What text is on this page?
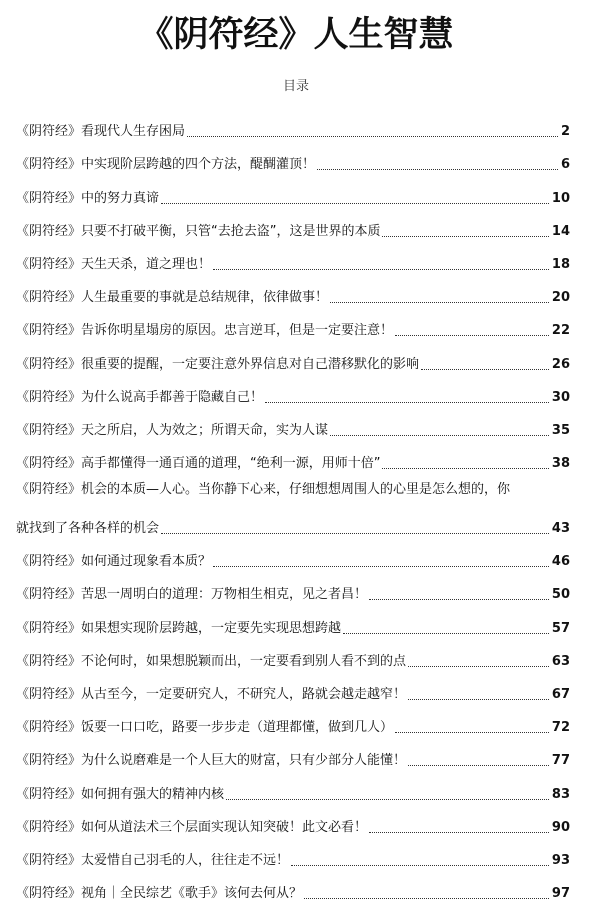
《阴符经》人生智慧
目录
《阴符经》看现代人生存困局	2
《阴符经》中实现阶层跨越的四个方法，醍醐灌顶！	6
《阴符经》中的努力真谛	10
《阴符经》只要不打破平衡，只管“去抢去盗”，这是世界的本质	14
《阴符经》天生天杀，道之理也！	18
《阴符经》人生最重要的事就是总结规律，依律做事！	20
《阴符经》告诉你明星塌房的原因。忠言逆耳，但是一定要注意！	22
《阴符经》很重要的提醒，一定要注意外界信息对自己潜移默化的影响	26
《阴符经》为什么说高手都善于隐藏自己！	30
《阴符经》天之所启，人为效之；所谓天命，实为人谋	35
《阴符经》高手都懂得一通百通的道理，“绝利一源，用师十倍”	38
《阴符经》机会的本质—人心。当你静下心来，仔细想想周围人的心里是怎么想的，你
就找到了各种各样的机会	43
《阴符经》如何通过现象看本质？	46
《阴符经》苦思一周明白的道理：万物相生相克，见之者昌！	50
《阴符经》如果想实现阶层跨越，一定要先实现思想跨越	57
《阴符经》不论何时，如果想脱颖而出，一定要看到别人看不到的点	63
《阴符经》从古至今，一定要研究人，不研究人，路就会越走越窄！	67
《阴符经》饭要一口口吃，路要一步步走（道理都懂，做到几人）	72
《阴符经》为什么说磨难是一个人巨大的财富，只有少部分人能懂！	77
《阴符经》如何拥有强大的精神内核	83
《阴符经》如何从道法术三个层面实现认知突破！此文必看！	90
《阴符经》太爱惜自己羽毛的人，往往走不远！	93
《阴符经》视角｜全民综艺《歌手》该何去何从？	97
